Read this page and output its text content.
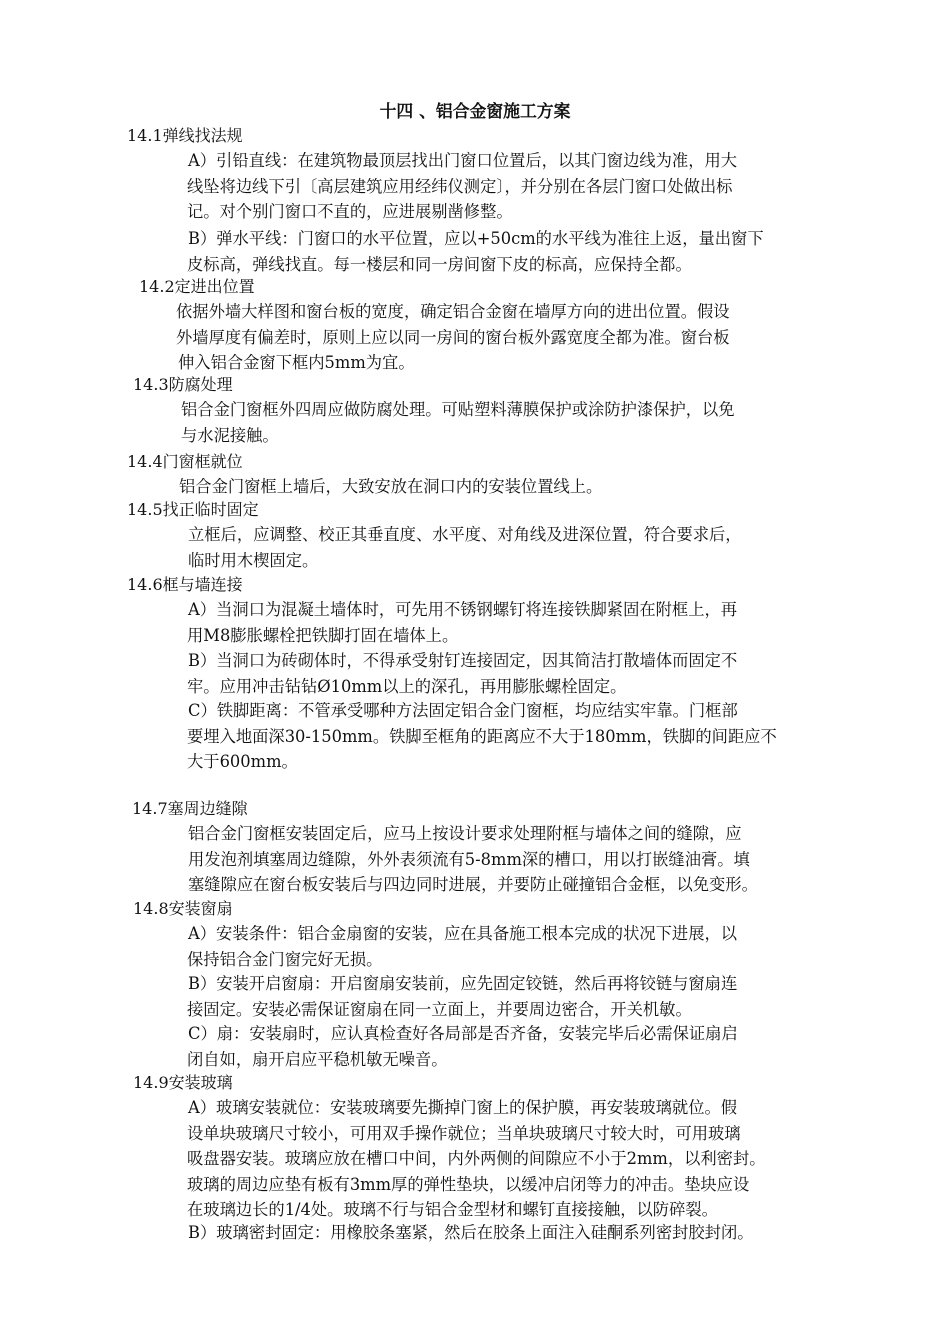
十四 、铝合金窗施工方案
14.1弹线找法规
A）引铅直线：在建筑物最顶层找出门窗口位置后，以其门窗边线为准，用大
线坠将边线下引〔高层建筑应用经纬仪测定〕，并分别在各层门窗口处做出标
记。对个别门窗口不直的，应进展剔凿修整。
B）弹水平线：门窗口的水平位置，应以+50cm的水平线为准往上返，量出窗下
皮标高，弹线找直。每一楼层和同一房间窗下皮的标高，应保持全都。
14.2定进出位置
依据外墙大样图和窗台板的宽度，确定铝合金窗在墙厚方向的进出位置。假设
外墙厚度有偏差时，原则上应以同一房间的窗台板外露宽度全都为准。窗台板
伸入铝合金窗下框内5mm为宜。
14.3防腐处理
铝合金门窗框外四周应做防腐处理。可贴塑料薄膜保护或涂防护漆保护，以免
与水泥接触。
14.4门窗框就位
铝合金门窗框上墙后，大致安放在洞口内的安装位置线上。
14.5找正临时固定
立框后，应调整、校正其垂直度、水平度、对角线及进深位置，符合要求后，
临时用木楔固定。
14.6框与墙连接
A）当洞口为混凝土墙体时，可先用不锈钢螺钉将连接铁脚紧固在附框上，再
用M8膨胀螺栓把铁脚打固在墙体上。
B）当洞口为砖砌体时，不得承受射钉连接固定，因其简洁打散墙体而固定不
牢。应用冲击钻钻Ø10mm以上的深孔，再用膨胀螺栓固定。
C）铁脚距离：不管承受哪种方法固定铝合金门窗框，均应结实牢靠。门框部
要埋入地面深30-150mm。铁脚至框角的距离应不大于180mm，铁脚的间距应不
大于600mm。
14.7塞周边缝隙
铝合金门窗框安装固定后，应马上按设计要求处理附框与墙体之间的缝隙，应
用发泡剂填塞周边缝隙，外外表须流有5-8mm深的槽口，用以打嵌缝油膏。填
塞缝隙应在窗台板安装后与四边同时进展，并要防止碰撞铝合金框，以免变形。
14.8安装窗扇
A）安装条件：铝合金扇窗的安装，应在具备施工根本完成的状况下进展，以
保持铝合金门窗完好无损。
B）安装开启窗扇：开启窗扇安装前，应先固定铰链，然后再将铰链与窗扇连
接固定。安装必需保证窗扇在同一立面上，并要周边密合，开关机敏。
C）扇：安装扇时，应认真检查好各局部是否齐备，安装完毕后必需保证扇启
闭自如，扇开启应平稳机敏无噪音。
14.9安装玻璃
A）玻璃安装就位：安装玻璃要先撕掉门窗上的保护膜，再安装玻璃就位。假
设单块玻璃尺寸较小，可用双手操作就位；当单块玻璃尺寸较大时，可用玻璃
吸盘器安装。玻璃应放在槽口中间，内外两侧的间隙应不小于2mm，以利密封。
玻璃的周边应垫有板有3mm厚的弹性垫块，以缓冲启闭等力的冲击。垫块应设
在玻璃边长的1/4处。玻璃不行与铝合金型材和螺钉直接接触，以防碎裂。
B）玻璃密封固定：用橡胶条塞紧，然后在胶条上面注入硅酮系列密封胶封闭。
